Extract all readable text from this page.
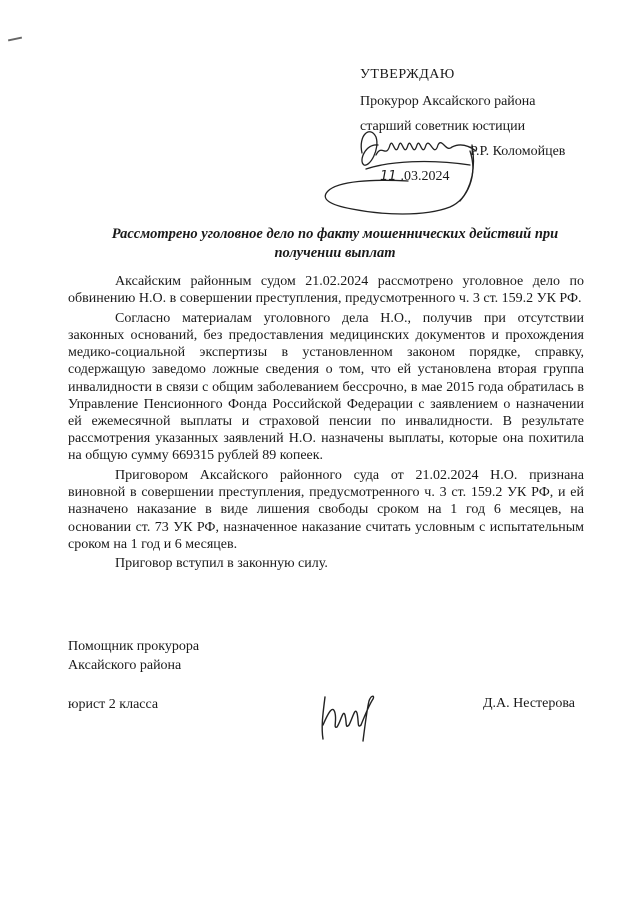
УТВЕРЖДАЮ
Прокурор Аксайского района
старший советник юстиции
Р.Р. Коломойцев
11 .03.2024
Рассмотрено уголовное дело по факту мошеннических действий при получении выплат

Аксайским районным судом 21.02.2024 рассмотрено уголовное дело по обвинению Н.О. в совершении преступления, предусмотренного ч. 3 ст. 159.2 УК РФ.

Согласно материалам уголовного дела Н.О., получив при отсутствии законных оснований, без предоставления медицинских документов и прохождения медико-социальной экспертизы в установленном законом порядке, справку, содержащую заведомо ложные сведения о том, что ей установлена вторая группа инвалидности в связи с общим заболеванием бессрочно, в мае 2015 года обратилась в Управление Пенсионного Фонда Российской Федерации с заявлением о назначении ей ежемесячной выплаты и страховой пенсии по инвалидности. В результате рассмотрения указанных заявлений Н.О. назначены выплаты, которые она похитила на общую сумму 669315 рублей 89 копеек.

Приговором Аксайского районного суда от 21.02.2024 Н.О. признана виновной в совершении преступления, предусмотренного ч. 3 ст. 159.2 УК РФ, и ей назначено наказание в виде лишения свободы сроком на 1 год 6 месяцев, на основании ст. 73 УК РФ, назначенное наказание считать условным с испытательным сроком на 1 год и 6 месяцев.

Приговор вступил в законную силу.

Помощник прокурора
Аксайского района
юрист 2 класса	Д.А. Нестерова
